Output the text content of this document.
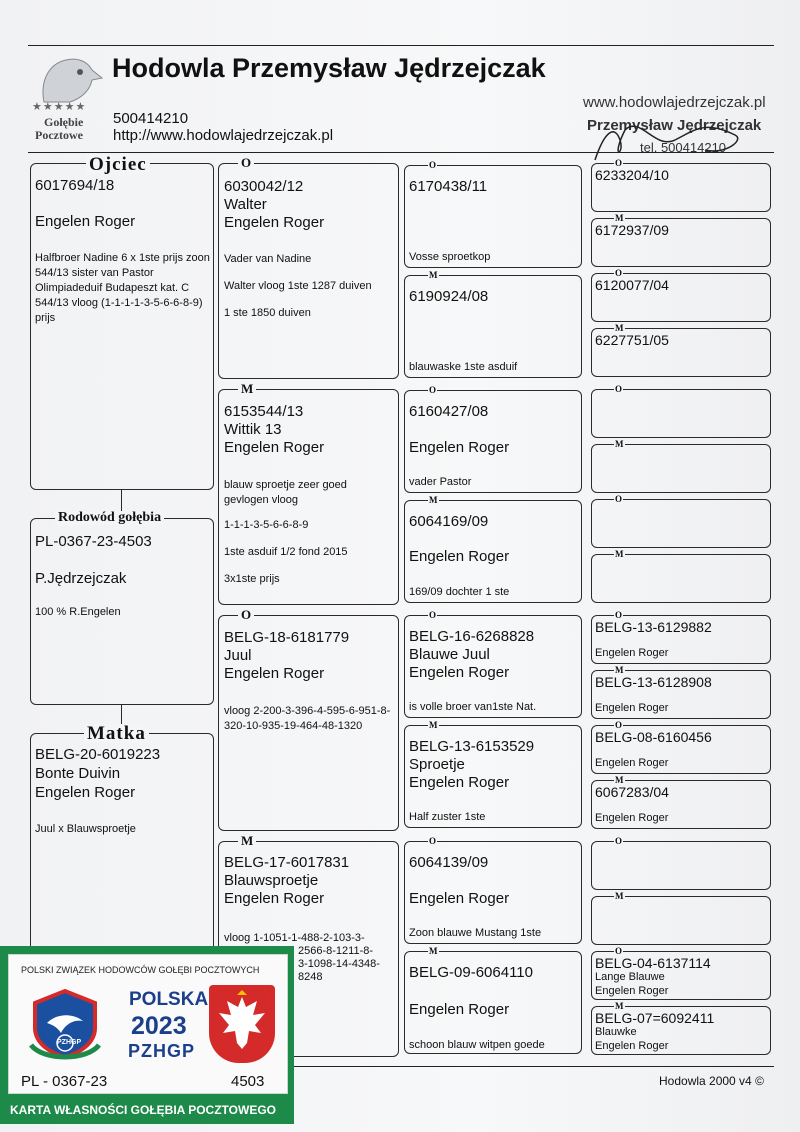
★★★★★
Gołębie
Pocztowe
Hodowla Przemysław Jędrzejczak
500414210
http://www.hodowlajedrzejczak.pl
www.hodowlajedrzejczak.pl
Przemysław Jędrzejczak
tel. 500414210
Ojciec
6017694/18
Engelen Roger
Halfbroer Nadine 6 x 1ste prijs zoon 544/13 sister van Pastor Olimpiadeduif Budapeszt kat. C 544/13 vloog (1-1-1-1-3-5-6-6-8-9) prijs
Rodowód gołębia
PL-0367-23-4503
P.Jędrzejczak
100 % R.Engelen
Matka
BELG-20-6019223
Bonte Duivin
Engelen Roger
Juul x Blauwsproetje
O
6030042/12
Walter
Engelen Roger
Vader van Nadine
Walter vloog 1ste 1287 duiven
1 ste 1850 duiven
M
6153544/13
Wittik 13
Engelen Roger
blauw sproetje zeer goed gevlogen vloog
1-1-1-3-5-6-6-8-9
1ste asduif 1/2 fond 2015
3x1ste prijs
O
BELG-18-6181779
Juul
Engelen Roger
vloog 2-200-3-396-4-595-6-951-8-320-10-935-19-464-48-1320
M
BELG-17-6017831
Blauwsproetje
Engelen Roger
vloog 1-1051-1-488-2-103-3-
2566-8-1211-8-
3-1098-14-4348-
8248
O
6170438/11
Vosse sproetkop
M
6190924/08
blauwaske 1ste asduif
O
6160427/08
Engelen Roger
vader Pastor
M
6064169/09
Engelen Roger
169/09 dochter 1 ste
O
BELG-16-6268828
Blauwe Juul
Engelen Roger
is volle broer van1ste Nat.
M
BELG-13-6153529
Sproetje
Engelen Roger
Half zuster 1ste
O
6064139/09
Engelen Roger
Zoon blauwe Mustang 1ste
M
BELG-09-6064110
Engelen Roger
schoon blauw witpen goede
O
6233204/10
M
6172937/09
O
6120077/04
M
6227751/05
O
M
O
M
O
BELG-13-6129882
Engelen Roger
M
BELG-13-6128908
Engelen Roger
O
BELG-08-6160456
Engelen Roger
M
6067283/04
Engelen Roger
O
M
O
BELG-04-6137114
Lange Blauwe
Engelen Roger
M
BELG-07=6092411
Blauwke
Engelen Roger
Hodowla 2000 v4 ©
POLSKI ZWIĄZEK HODOWCÓW GOŁĘBI POCZTOWYCH
PZHGP
POLSKA
2023
PZHGP
PL - 0367-23	4503
KARTA WŁASNOŚCI GOŁĘBIA POCZTOWEGO
